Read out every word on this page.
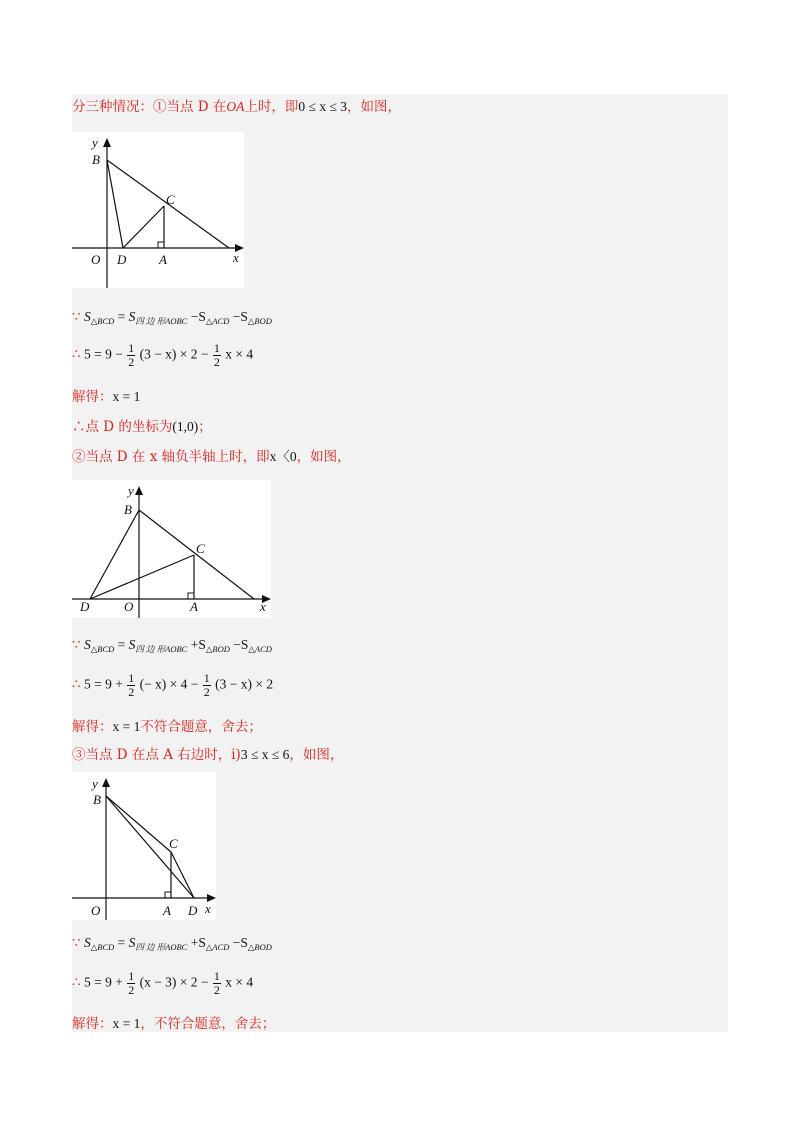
分三种情况：①当点 D 在OA上时，即0 ≤ x ≤ 3，如图，
y
B
C
O D	A	x
∵ $S_{\triangle BCD} = S_{四 边 形AOBC} -S_{\triangle ACD} -S_{\triangle BOD}$
∴ $5 = 9 - \frac{1}{2} (3 - x) \times 2 - \frac{1}{2}$ x × 4
解得：x = 1
∴点 D 的坐标为(1,0)；
②当点 D 在 x 轴负半轴上时，即x〈0，如图，
y
B
C
D	O	A	x
∵ $S_{\triangle BCD} = S_{四 边 形AOBC} +S_{\triangle BOD} -S_{\triangle ACD}$
∴ $5 = 9 + \frac{1}{2}$ (− $x) \times 4 - \frac{1}{2} (3 - x) \times 2$
解得：x = 1不符合题意，舍去；
③当点 D 在点 A 右边时，i)3 ≤ x ≤ 6，如图，
y
B
C
O	A D x
∵ $S_{\triangle BCD} = S_{四 边 形AOBC} +S_{\triangle ACD} -S_{\triangle BOD}$
∴ $5 = 9 + \frac{1}{2} (x - 3) \times 2 - \frac{1}{2}$ x × 4
解得：x = 1，不符合题意，舍去；
